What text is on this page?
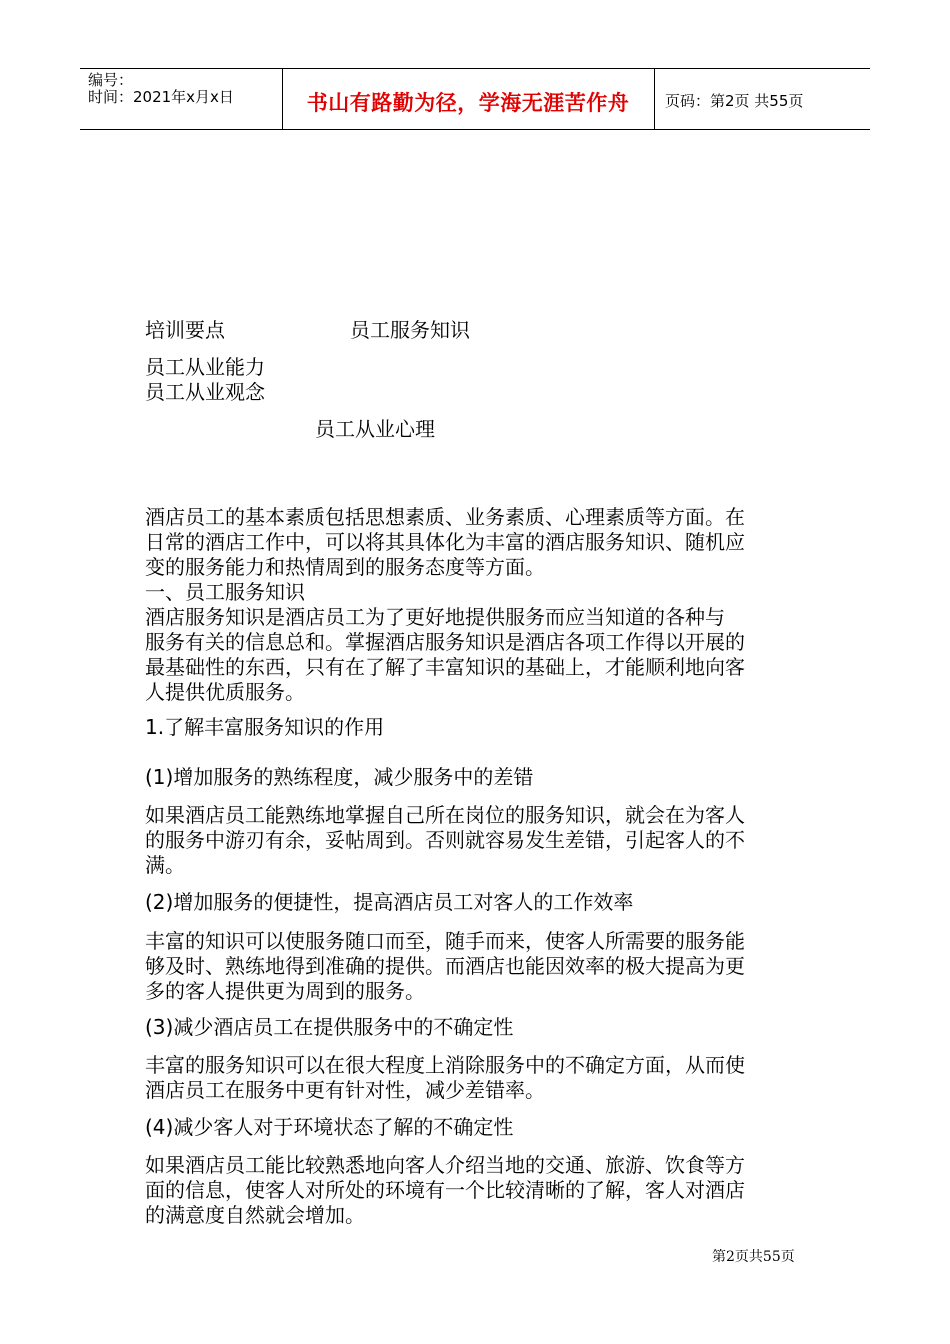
编号：
时间：2021年x月x日	书山有路勤为径，学海无涯苦作舟	页码：第2页 共55页
培训要点	员工服务知识
员工从业能力
员工从业观念
员工从业心理
酒店员工的基本素质包括思想素质、业务素质、心理素质等方面。在
日常的酒店工作中，可以将其具体化为丰富的酒店服务知识、随机应
变的服务能力和热情周到的服务态度等方面。
一、员工服务知识
酒店服务知识是酒店员工为了更好地提供服务而应当知道的各种与
服务有关的信息总和。掌握酒店服务知识是酒店各项工作得以开展的
最基础性的东西，只有在了解了丰富知识的基础上，才能顺利地向客
人提供优质服务。
1.了解丰富服务知识的作用
(1)增加服务的熟练程度，减少服务中的差错
如果酒店员工能熟练地掌握自己所在岗位的服务知识，就会在为客人
的服务中游刃有余，妥帖周到。否则就容易发生差错，引起客人的不
满。
(2)增加服务的便捷性，提高酒店员工对客人的工作效率
丰富的知识可以使服务随口而至，随手而来，使客人所需要的服务能
够及时、熟练地得到准确的提供。而酒店也能因效率的极大提高为更
多的客人提供更为周到的服务。
(3)减少酒店员工在提供服务中的不确定性
丰富的服务知识可以在很大程度上消除服务中的不确定方面，从而使
酒店员工在服务中更有针对性，减少差错率。
(4)减少客人对于环境状态了解的不确定性
如果酒店员工能比较熟悉地向客人介绍当地的交通、旅游、饮食等方
面的信息，使客人对所处的环境有一个比较清晰的了解，客人对酒店
的满意度自然就会增加。
第2页共55页
